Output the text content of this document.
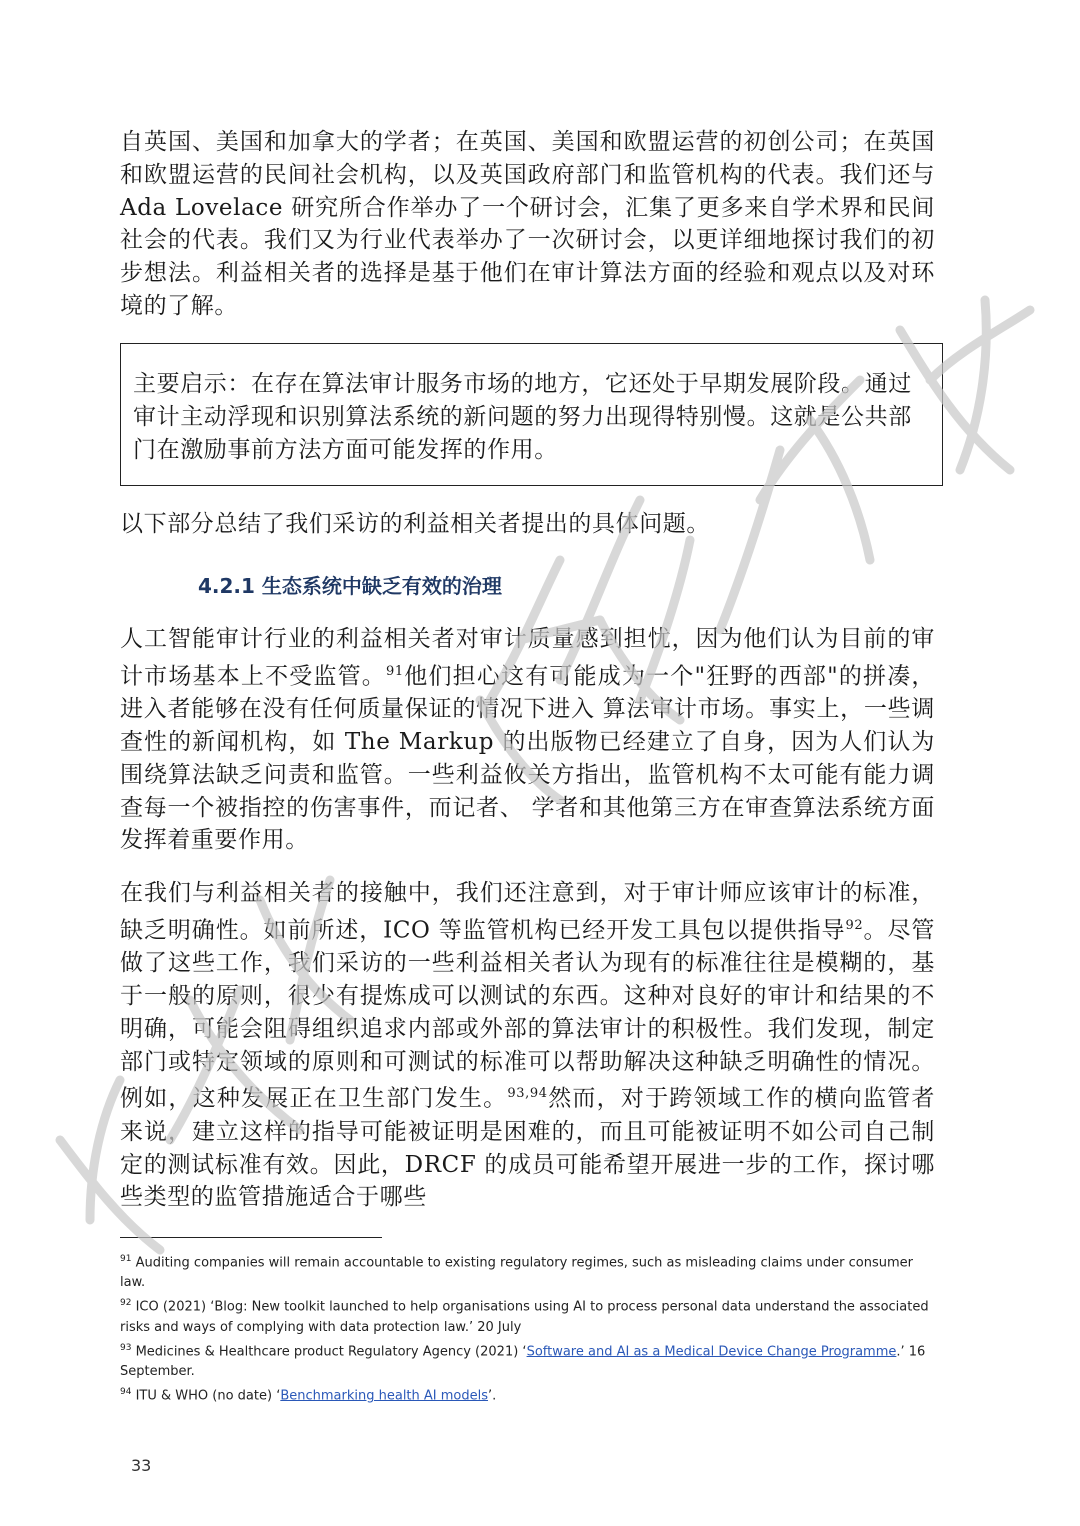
自英国、美国和加拿大的学者；在英国、美国和欧盟运营的初创公司；在英国和欧盟运营的民间社会机构，以及英国政府部门和监管机构的代表。我们还与 Ada Lovelace 研究所合作举办了一个研讨会，汇集了更多来自学术界和民间社会的代表。我们又为行业代表举办了一次研讨会，以更详细地探讨我们的初步想法。利益相关者的选择是基于他们在审计算法方面的经验和观点以及对环境的了解。

主要启示：在存在算法审计服务市场的地方，它还处于早期发展阶段。通过审计主动浮现和识别算法系统的新问题的努力出现得特别慢。这就是公共部门在激励事前方法方面可能发挥的作用。

以下部分总结了我们采访的利益相关者提出的具体问题。

4.2.1 生态系统中缺乏有效的治理

人工智能审计行业的利益相关者对审计质量感到担忧，因为他们认为目前的审计市场基本上不受监管。$^{91}$他们担心这有可能成为一个"狂野的西部"的拼凑，进入者能够在没有任何质量保证的情况下进入 算法审计市场。事实上，一些调查性的新闻机构，如 The Markup 的出版物已经建立了自身，因为人们认为围绕算法缺乏问责和监管。一些利益攸关方指出，监管机构不太可能有能力调查每一个被指控的伤害事件，而记者、 学者和其他第三方在审查算法系统方面发挥着重要作用。

在我们与利益相关者的接触中，我们还注意到，对于审计师应该审计的标准，缺乏明确性。如前所述，ICO 等监管机构已经开发工具包以提供指导$^{92}$。尽管做了这些工作，我们采访的一些利益相关者认为现有的标准往往是模糊的，基于一般的原则，很少有提炼成可以测试的东西。这种对良好的审计和结果的不明确，可能会阻碍组织追求内部或外部的算法审计的积极性。我们发现，制定部门或特定领域的原则和可测试的标准可以帮助解决这种缺乏明确性的情况。例如，这种发展正在卫生部门发生。$^{93,94}$然而，对于跨领域工作的横向监管者来说，建立这样的指导可能被证明是困难的，而且可能被证明不如公司自己制定的测试标准有效。因此，DRCF 的成员可能希望开展进一步的工作，探讨哪些类型的监管措施适合于哪些

$^{91}$ Auditing companies will remain accountable to existing regulatory regimes, such as misleading claims under consumer law.

$^{92}$ ICO (2021) ‘Blog: New toolkit launched to help organisations using AI to process personal data understand the associated risks and ways of complying with data protection law.’ 20 July

$^{93}$ Medicines & Healthcare product Regulatory Agency (2021) ‘Software and AI as a Medical Device Change Programme.’ 16 September.

$^{94}$ ITU & WHO (no date) ‘Benchmarking health AI models’.

33
